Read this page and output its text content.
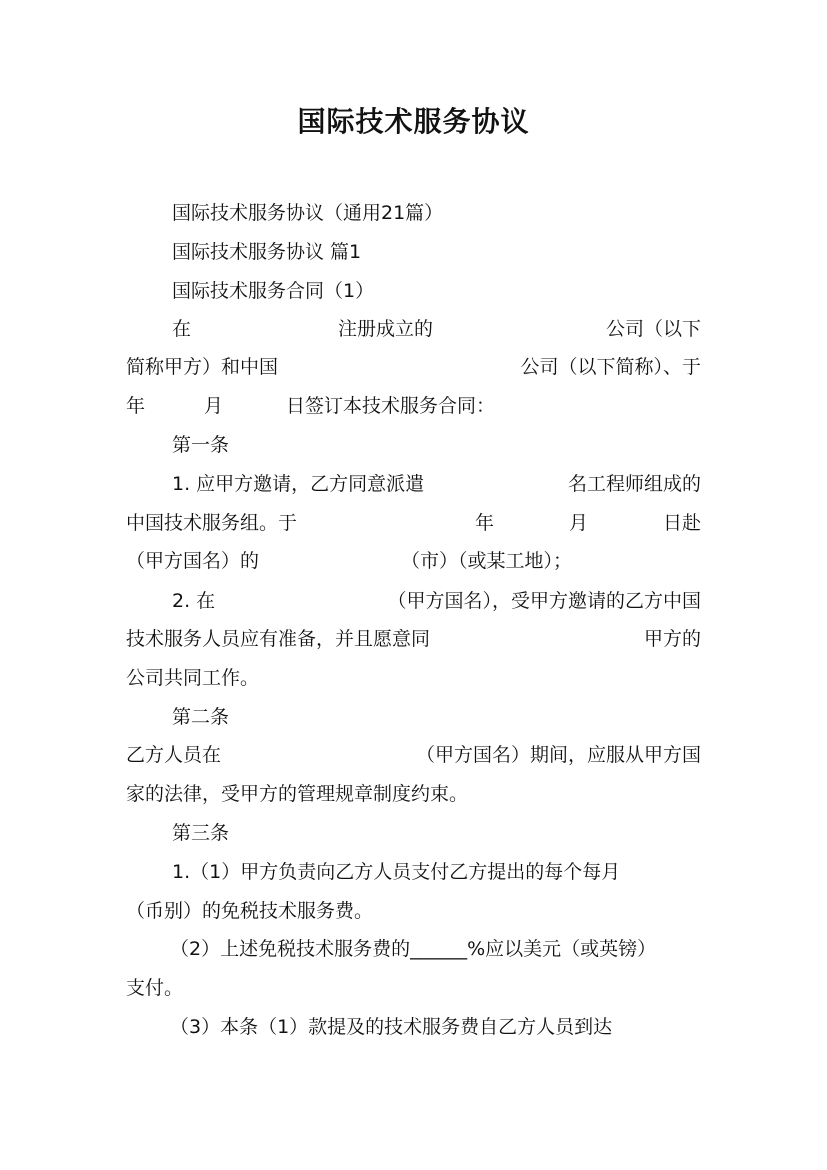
国际技术服务协议
国际技术服务协议（通用21篇）
国际技术服务协议 篇1
国际技术服务合同（1）
在	注册成立的	公司（以下
简称甲方）和中国	公司（以下简称）、于
年	月	日签订本技术服务合同：
第一条
1. 应甲方邀请，乙方同意派遣	名工程师组成的
中国技术服务组。于	年	月	日赴
（甲方国名）的	（市）（或某工地）；
2. 在	（甲方国名），受甲方邀请的乙方中国
技术服务人员应有准备，并且愿意同	甲方的
公司共同工作。
第二条
乙方人员在	（甲方国名）期间，应服从甲方国
家的法律，受甲方的管理规章制度约束。
第三条
1.（1）甲方负责向乙方人员支付乙方提出的每个每月
（币别）的免税技术服务费。
（2）上述免税技术服务费的______%应以美元（或英镑）
支付。
（3）本条（1）款提及的技术服务费自乙方人员到达
